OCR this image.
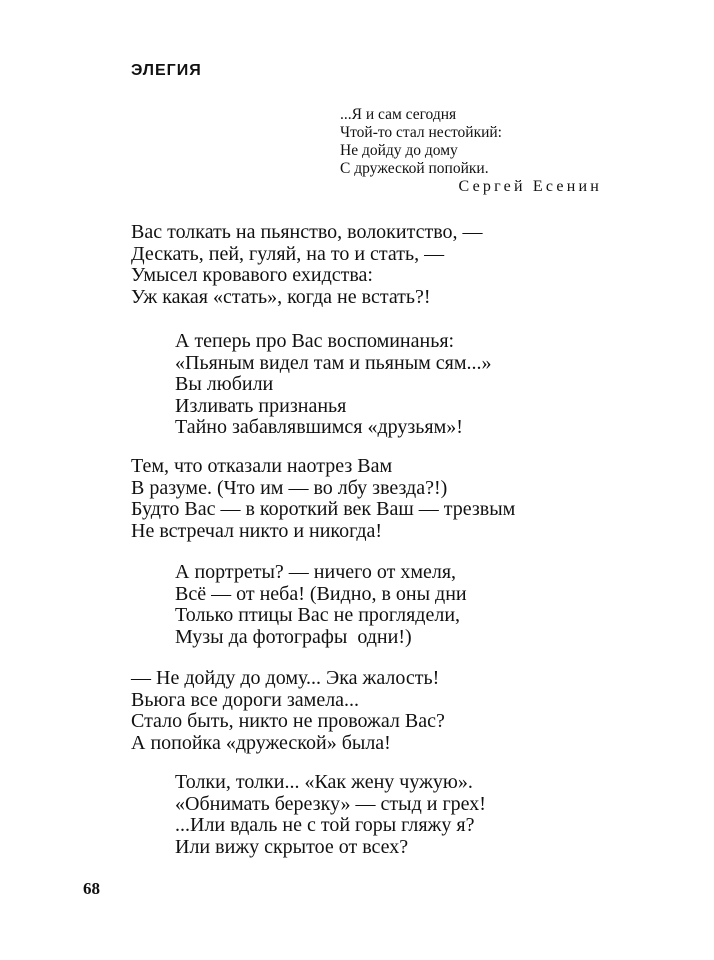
ЭЛЕГИЯ
...Я и сам сегодня
Чтой-то стал нестойкий:
Не дойду до дому
С дружеской попойки.
Сергей Есенин
Вас толкать на пьянство, волокитство, —
Дескать, пей, гуляй, на то и стать, —
Умысел кровавого ехидства:
Уж какая «стать», когда не встать?!
А теперь про Вас воспоминанья:
«Пьяным видел там и пьяным сям...»
Вы любили
Изливать признанья
Тайно забавлявшимся «друзьям»!
Тем, что отказали наотрез Вам
В разуме. (Что им — во лбу звезда?!)
Будто Вас — в короткий век Ваш — трезвым
Не встречал никто и никогда!
А портреты? — ничего от хмеля,
Всё — от неба! (Видно, в оны дни
Только птицы Вас не проглядели,
Музы да фотографы  одни!)
— Не дойду до дому... Эка жалость!
Вьюга все дороги замела...
Стало быть, никто не провожал Вас?
А попойка «дружеской» была!
Толки, толки... «Как жену чужую».
«Обнимать березку» — стыд и грех!
...Или вдаль не с той горы гляжу я?
Или вижу скрытое от всех?
68
